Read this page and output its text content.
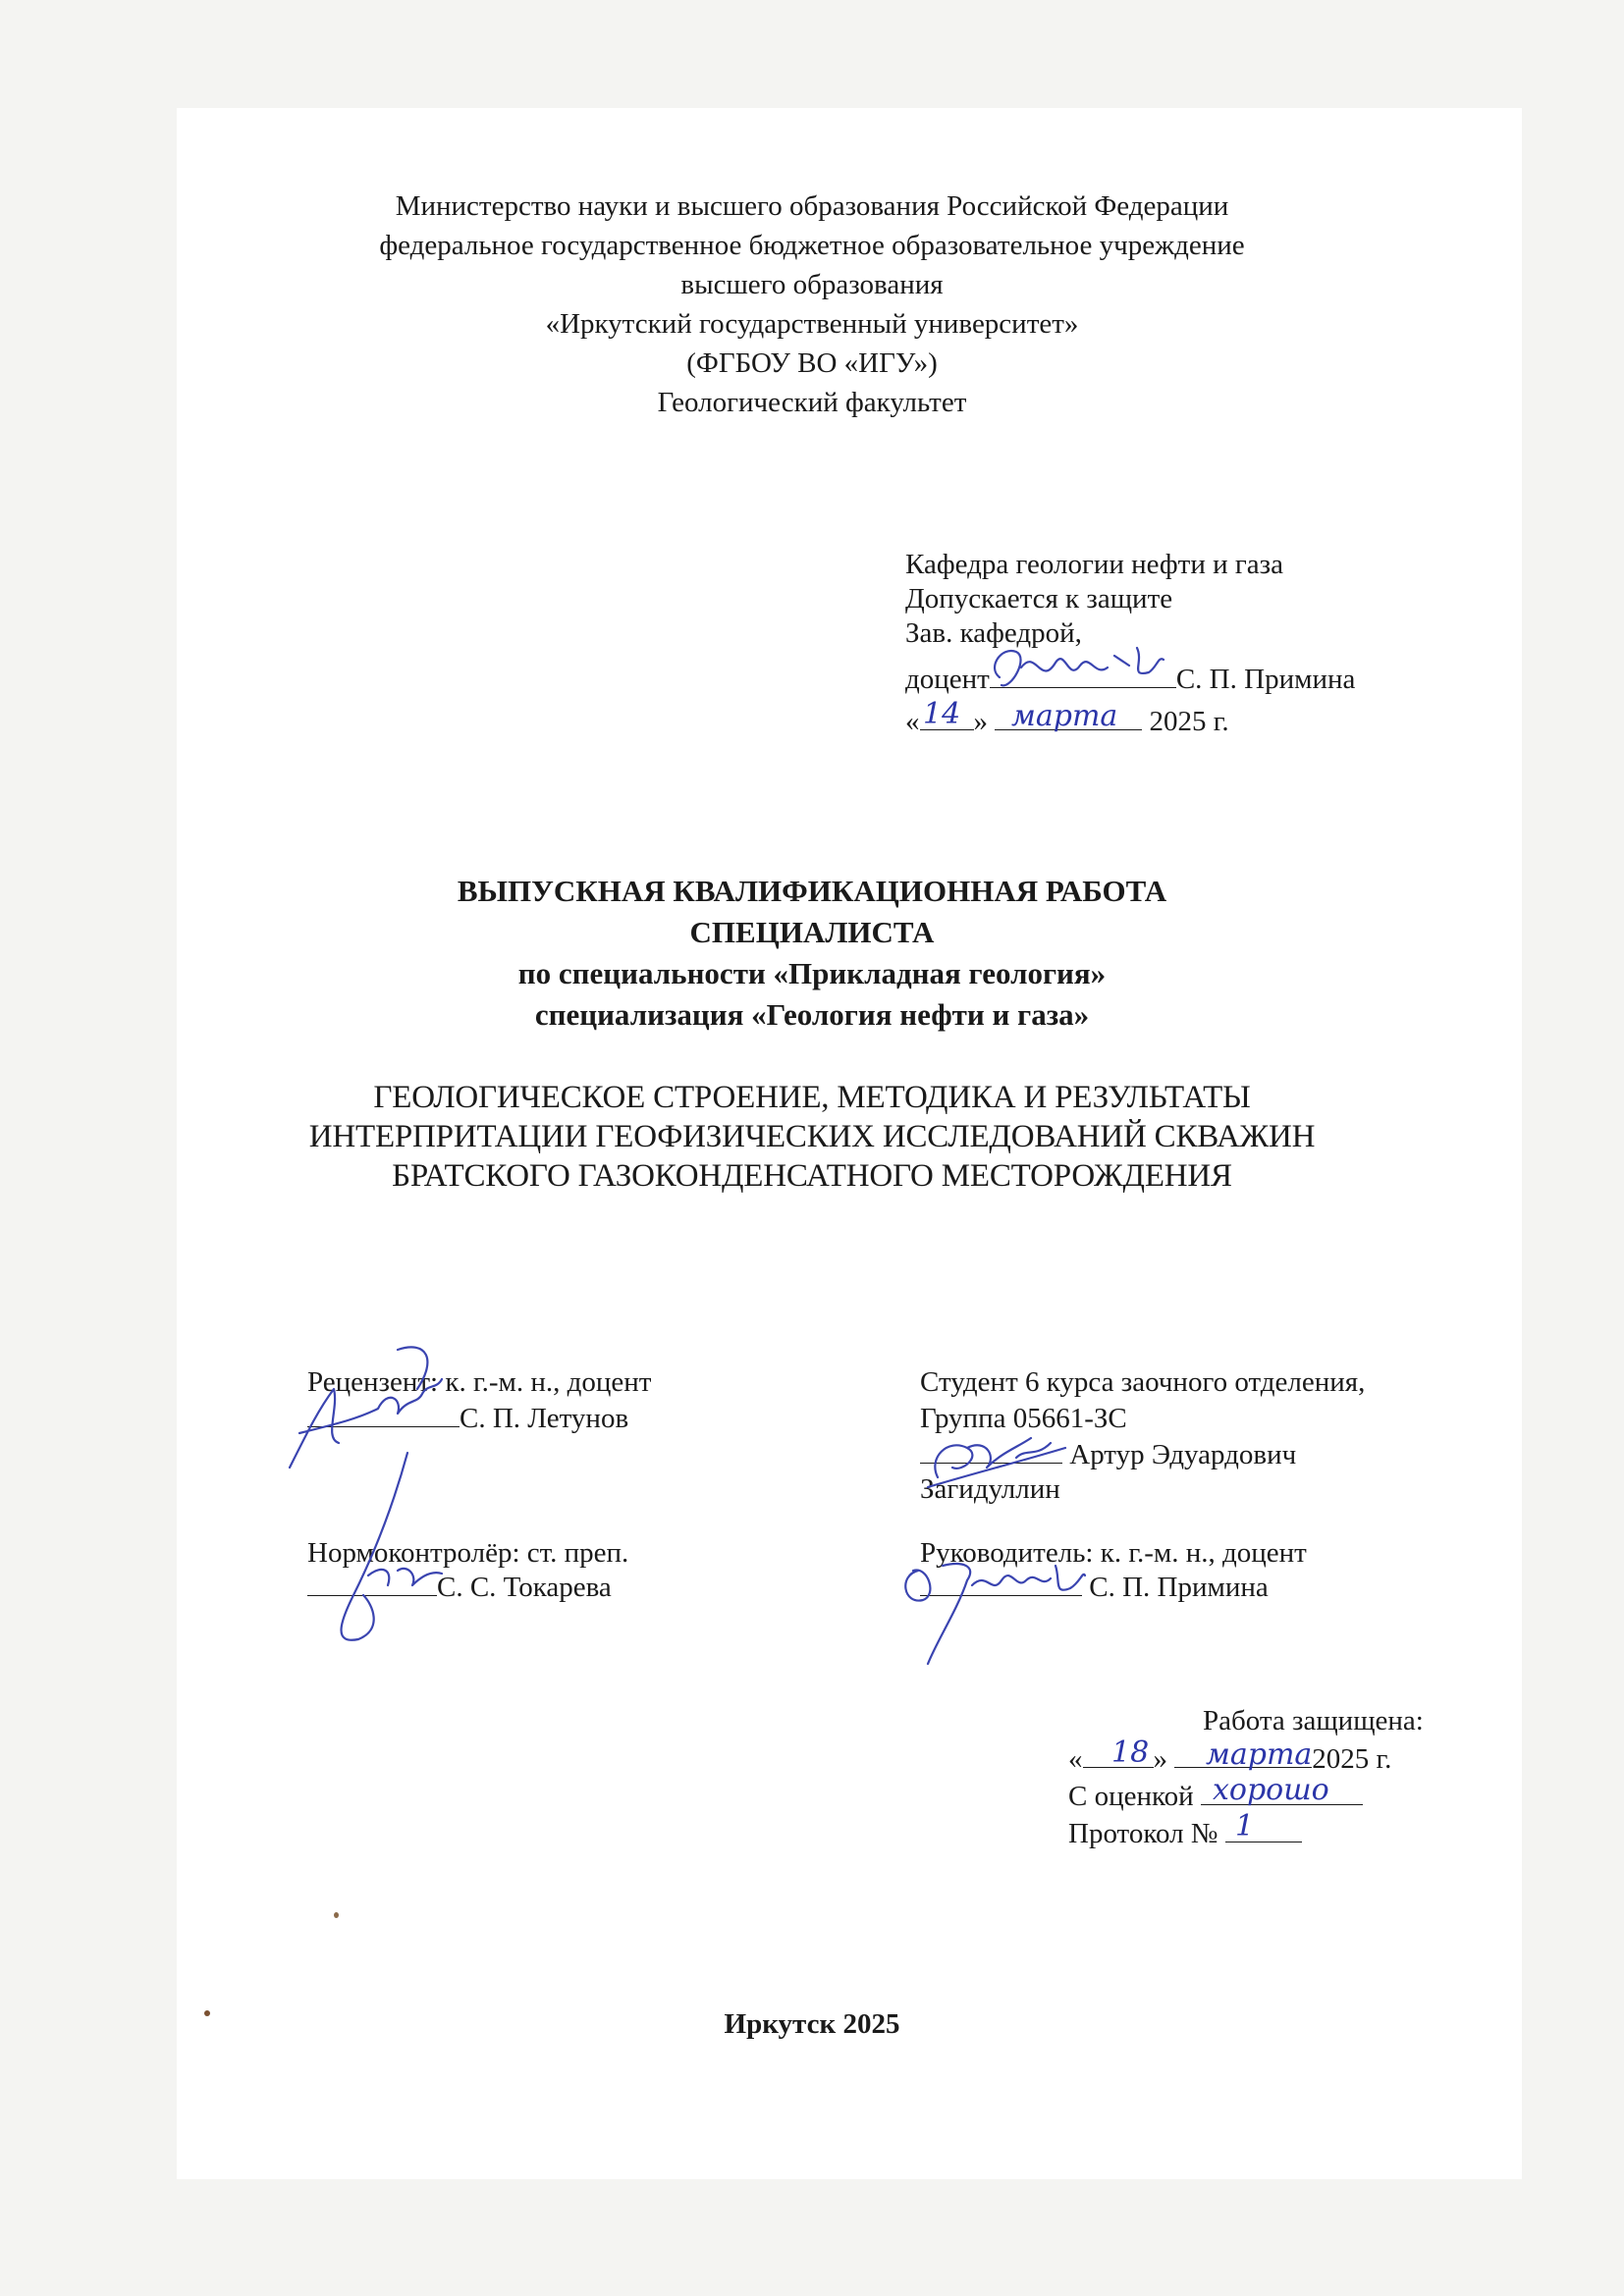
Министерство науки и высшего образования Российской Федерации
федеральное государственное бюджетное образовательное учреждение
высшего образования
«Иркутский государственный университет»
(ФГБОУ ВО «ИГУ»)
Геологический факультет
Кафедра геологии нефти и газа
Допускается к защите
Зав. кафедрой,
доцент	С. П. Примина
« »	2025 г.
14 марта
ВЫПУСКНАЯ КВАЛИФИКАЦИОННАЯ РАБОТА
СПЕЦИАЛИСТА
по специальности «Прикладная геология»
специализация «Геология нефти и газа»
ГЕОЛОГИЧЕСКОЕ СТРОЕНИЕ, МЕТОДИКА И РЕЗУЛЬТАТЫ
ИНТЕРПРИТАЦИИ ГЕОФИЗИЧЕСКИХ ИССЛЕДОВАНИЙ СКВАЖИН
БРАТСКОГО ГАЗОКОНДЕНСАТНОГО МЕСТОРОЖДЕНИЯ
Рецензент: к. г.-м. н., доцент
С. П. Летунов
Студент 6 курса заочного отделения,
Группа 05661-ЗС
Артур Эдуардович
Загидуллин
Нормоконтролёр: ст. преп.
С. С. Токарева
Руководитель: к. г.-м. н., доцент
С. П. Примина
Работа защищена:
« »	2025 г.
18 марта
С оценкой хорошо
Протокол № 1
Иркутск 2025
